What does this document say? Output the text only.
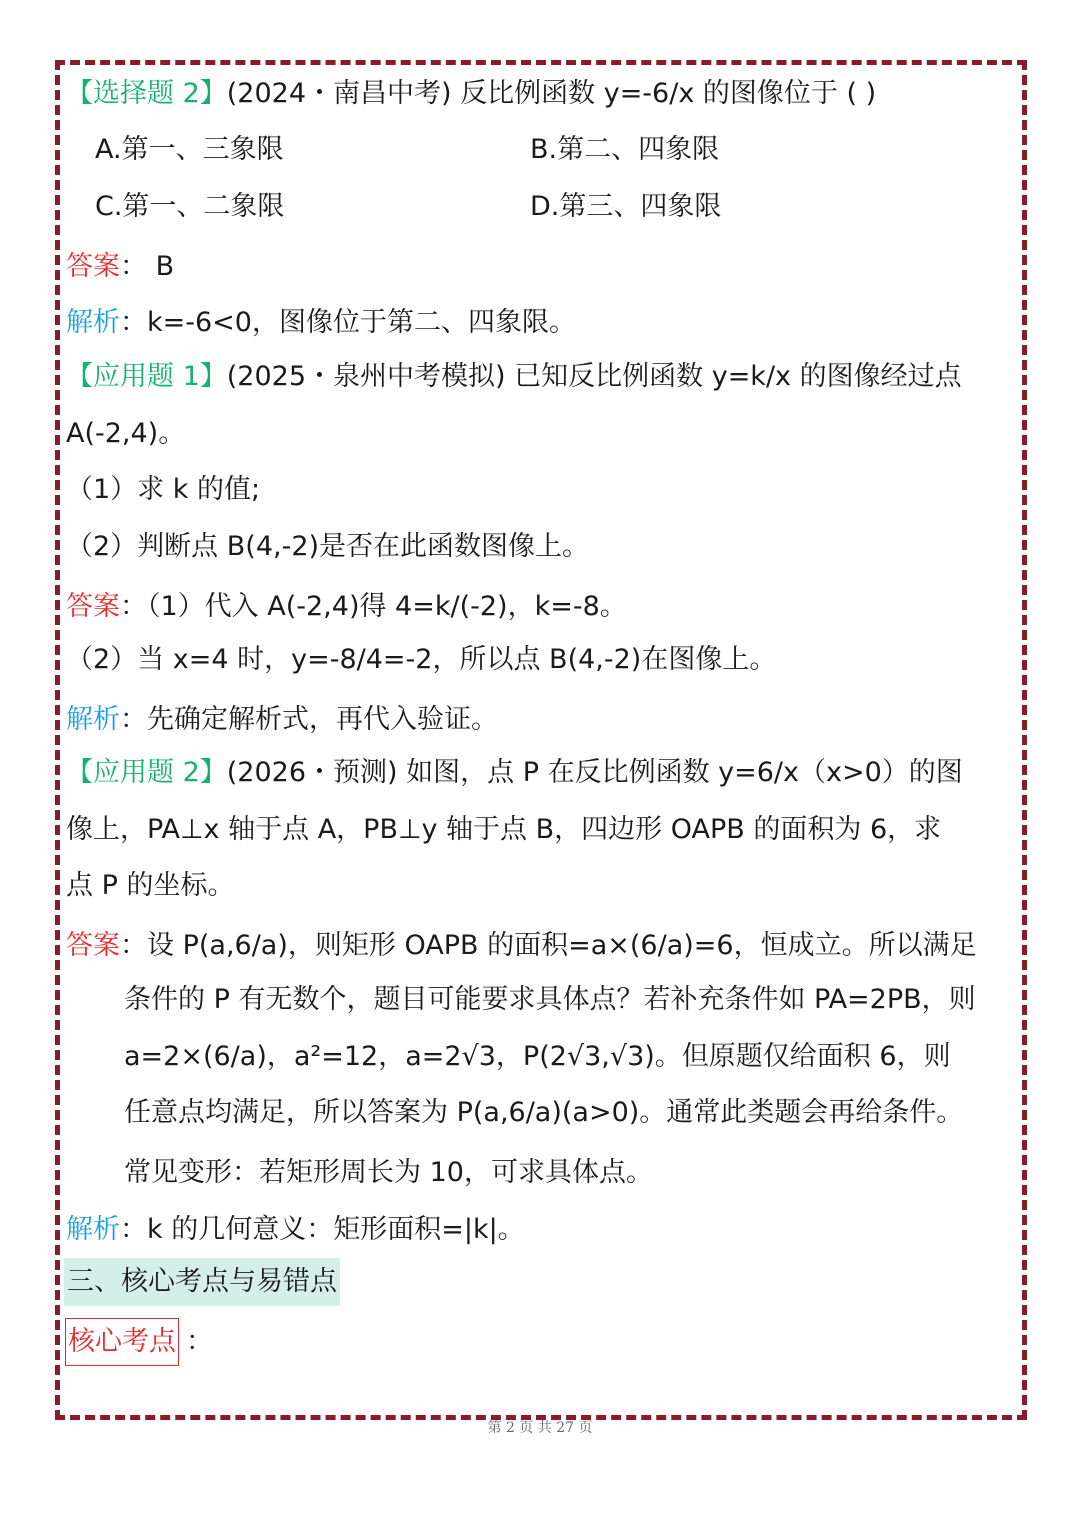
【选择题 2】(2024・南昌中考) 反比例函数 y=-6/x 的图像位于 ( )
A.第一、三象限	B.第二、四象限
C.第一、二象限	D.第三、四象限
答案： B
解析：k=-6<0，图像位于第二、四象限。
【应用题 1】(2025・泉州中考模拟) 已知反比例函数 y=k/x 的图像经过点
A(-2,4)。
（1）求 k 的值;
（2）判断点 B(4,-2)是否在此函数图像上。
答案：（1）代入 A(-2,4)得 4=k/(-2)，k=-8。
（2）当 x=4 时，y=-8/4=-2，所以点 B(4,-2)在图像上。
解析：先确定解析式，再代入验证。
【应用题 2】(2026・预测) 如图，点 P 在反比例函数 y=6/x（x>0）的图
像上，PA⊥x 轴于点 A，PB⊥y 轴于点 B，四边形 OAPB 的面积为 6，求
点 P 的坐标。
答案：设 P(a,6/a)，则矩形 OAPB 的面积=a×(6/a)=6，恒成立。所以满足
条件的 P 有无数个，题目可能要求具体点？若补充条件如 PA=2PB，则
a=2×(6/a)，a²=12，a=2√3，P(2√3,√3)。但原题仅给面积 6，则
任意点均满足，所以答案为 P(a,6/a)(a>0)。通常此类题会再给条件。
常见变形：若矩形周长为 10，可求具体点。
解析：k 的几何意义：矩形面积=|k|。
三、核心考点与易错点
核心考点 ：
第 2 页 共 27 页
